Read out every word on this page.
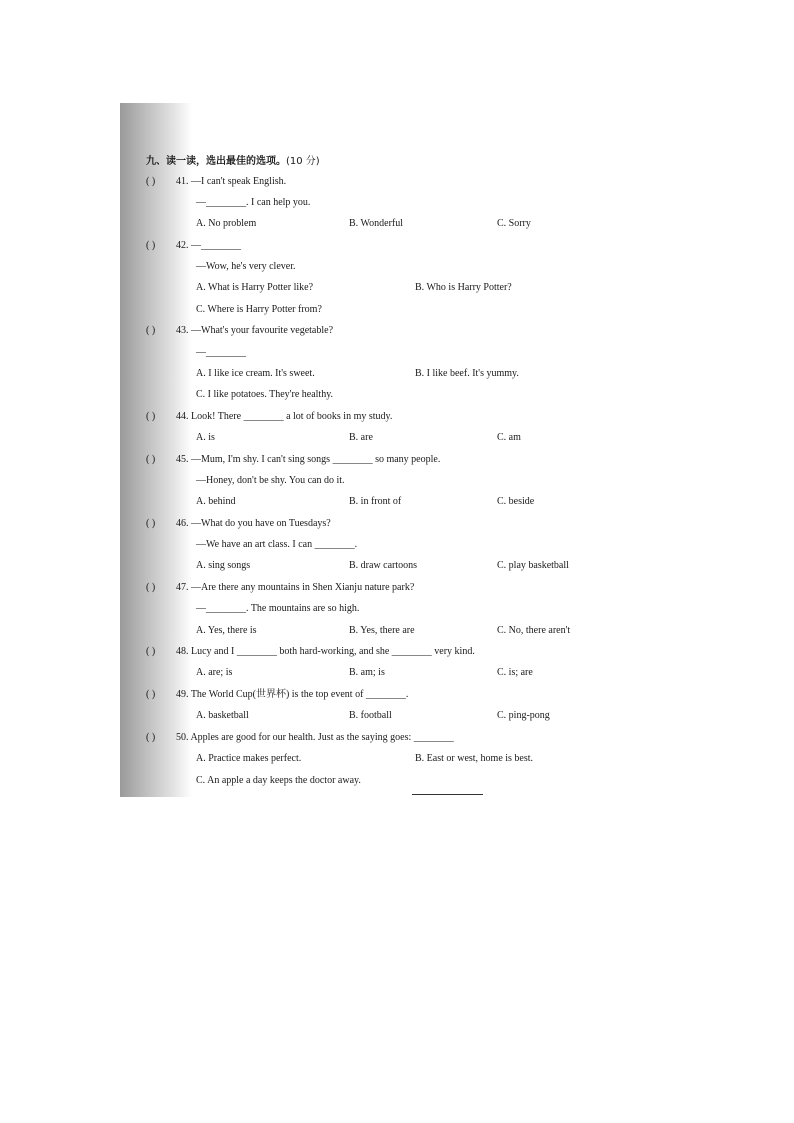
九、读一读，选出最佳的选项。(10 分)
( ) 41. —I can't speak English.
—________. I can help you.
A. No problem	B. Wonderful	C. Sorry
( ) 42. —________
—Wow, he's very clever.
A. What is Harry Potter like?	B. Who is Harry Potter?
C. Where is Harry Potter from?
( ) 43. —What's your favourite vegetable?
—________
A. I like ice cream. It's sweet.	B. I like beef. It's yummy.
C. I like potatoes. They're healthy.
( ) 44. Look! There ________ a lot of books in my study.
A. is	B. are	C. am
( ) 45. —Mum, I'm shy. I can't sing songs ________ so many people.
—Honey, don't be shy. You can do it.
A. behind	B. in front of	C. beside
( ) 46. —What do you have on Tuesdays?
—We have an art class. I can ________.
A. sing songs	B. draw cartoons	C. play basketball
( ) 47. —Are there any mountains in Shen Xianju nature park?
—________. The mountains are so high.
A. Yes, there is	B. Yes, there are	C. No, there aren't
( ) 48. Lucy and I ________ both hard-working, and she ________ very kind.
A. are; is	B. am; is	C. is; are
( ) 49. The World Cup(世界杯) is the top event of ________.
A. basketball	B. football	C. ping-pong
( ) 50. Apples are good for our health. Just as the saying goes: ________
A. Practice makes perfect.	B. East or west, home is best.
C. An apple a day keeps the doctor away.
